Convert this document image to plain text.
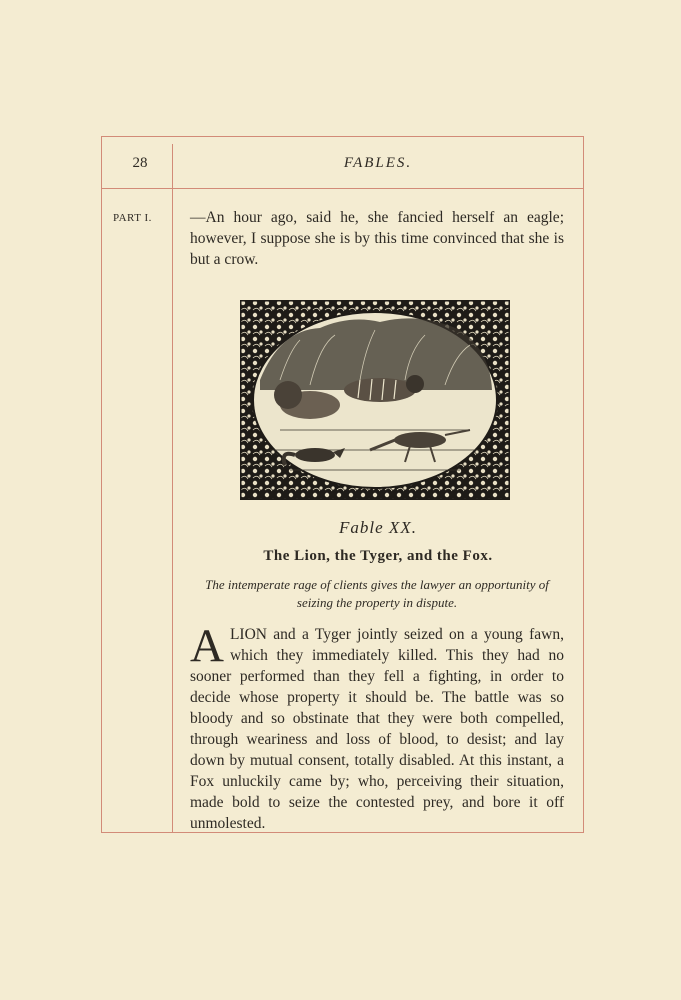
28	FABLES.
PART I. —An hour ago, said he, she fancied herself an eagle; however, I suppose she is by this time convinced that she is but a crow.
Fable XX.
The Lion, the Tyger, and the Fox.
The intemperate rage of clients gives the lawyer an opportunity of seizing the property in dispute.
A LION and a Tyger jointly seized on a young fawn, which they immediately killed. This they had no sooner performed than they fell a fighting, in order to decide whose property it should be. The battle was so bloody and so obstinate that they were both compelled, through weariness and loss of blood, to desist; and lay down by mutual consent, totally disabled. At this instant, a Fox unluckily came by; who, perceiving their situation, made bold to seize the contested prey, and bore it off unmolested.
